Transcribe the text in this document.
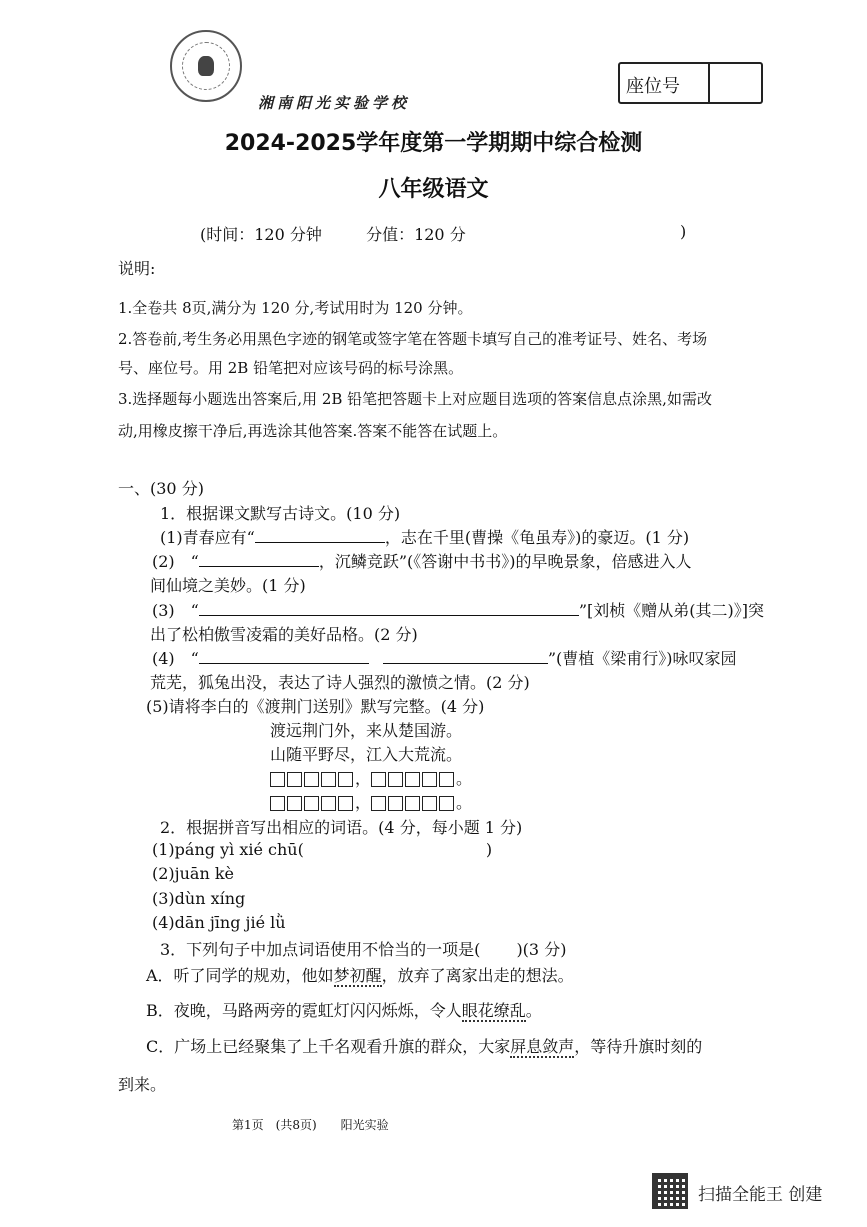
湘南阳光实验学校
座位号
2024-2025学年度第一学期期中综合检测
八年级语文
(时间：120 分钟	分值：120 分	)
说明:
1.全卷共 8页,满分为 120 分,考试用时为 120 分钟。
2.答卷前,考生务必用黑色字迹的钢笔或签字笔在答题卡填写自己的准考证号、姓名、考场
号、座位号。用 2B 铅笔把对应该号码的标号涂黑。
3.选择题每小题选出答案后,用 2B 铅笔把答题卡上对应题目选项的答案信息点涂黑,如需改
动,用橡皮擦干净后,再选涂其他答案.答案不能答在试题上。
一、(30 分)
1．根据课文默写古诗文。(10 分)
(1)青春应有“	，志在千里(曹操《龟虽寿》)的豪迈。(1 分)
(2)　“	，沉鳞竞跃”(《答谢中书书》)的早晚景象，倍感进入人
间仙境之美妙。(1 分)
(3)　“	”[刘桢《赠从弟(其二)》]突
出了松柏傲雪凌霜的美好品格。(2 分)
(4)　“	”(曹植《梁甫行》)咏叹家园
荒芜，狐兔出没，表达了诗人强烈的激愤之情。(2 分)
(5)请将李白的《渡荆门送别》默写完整。(4 分)
渡远荆门外，来从楚国游。
山随平野尽，江入大荒流。
，	。
，	。
2．根据拼音写出相应的词语。(4 分，每小题 1 分)
(1)páng yì xié chū(	)
(2)juān kè
(3)dùn xíng
(4)dān jīng jié lǜ
3．下列句子中加点词语使用不恰当的一项是( )(3 分)
A．听了同学的规劝，他如梦初醒，放弃了离家出走的想法。
B．夜晚，马路两旁的霓虹灯闪闪烁烁，令人眼花缭乱。
C．广场上已经聚集了上千名观看升旗的群众，大家屏息敛声，等待升旗时刻的
到来。
第1页　(共8页)　　阳光实验
扫描全能王 创建
